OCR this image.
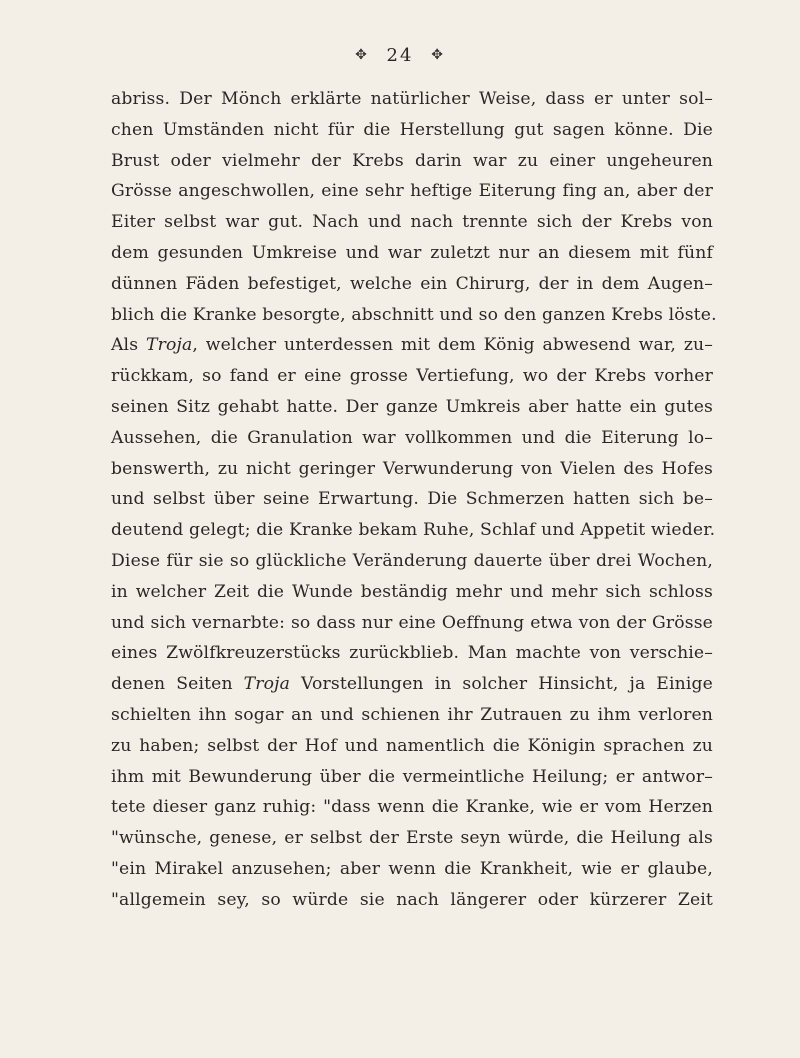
✥ 24 ✥
abriss. Der Mönch erklärte natürlicher Weise, dass er unter sol–
chen Umständen nicht für die Herstellung gut sagen könne. Die
Brust oder vielmehr der Krebs darin war zu einer ungeheuren
Grösse angeschwollen, eine sehr heftige Eiterung fing an, aber der
Eiter selbst war gut. Nach und nach trennte sich der Krebs von
dem gesunden Umkreise und war zuletzt nur an diesem mit fünf
dünnen Fäden befestiget, welche ein Chirurg, der in dem Augen–
blich die Kranke besorgte, abschnitt und so den ganzen Krebs löste.
Als Troja, welcher unterdessen mit dem König abwesend war, zu–
rückkam, so fand er eine grosse Vertiefung, wo der Krebs vorher
seinen Sitz gehabt hatte. Der ganze Umkreis aber hatte ein gutes
Aussehen, die Granulation war vollkommen und die Eiterung lo–
benswerth, zu nicht geringer Verwunderung von Vielen des Hofes
und selbst über seine Erwartung. Die Schmerzen hatten sich be–
deutend gelegt; die Kranke bekam Ruhe, Schlaf und Appetit wieder.
Diese für sie so glückliche Veränderung dauerte über drei Wochen,
in welcher Zeit die Wunde beständig mehr und mehr sich schloss
und sich vernarbte: so dass nur eine Oeffnung etwa von der Grösse
eines Zwölfkreuzerstücks zurückblieb. Man machte von verschie–
denen Seiten Troja Vorstellungen in solcher Hinsicht, ja Einige
schielten ihn sogar an und schienen ihr Zutrauen zu ihm verloren
zu haben; selbst der Hof und namentlich die Königin sprachen zu
ihm mit Bewunderung über die vermeintliche Heilung; er antwor–
tete dieser ganz ruhig: "dass wenn die Kranke, wie er vom Herzen
"wünsche, genese, er selbst der Erste seyn würde, die Heilung als
"ein Mirakel anzusehen; aber wenn die Krankheit, wie er glaube,
"allgemein sey, so würde sie nach längerer oder kürzerer Zeit
